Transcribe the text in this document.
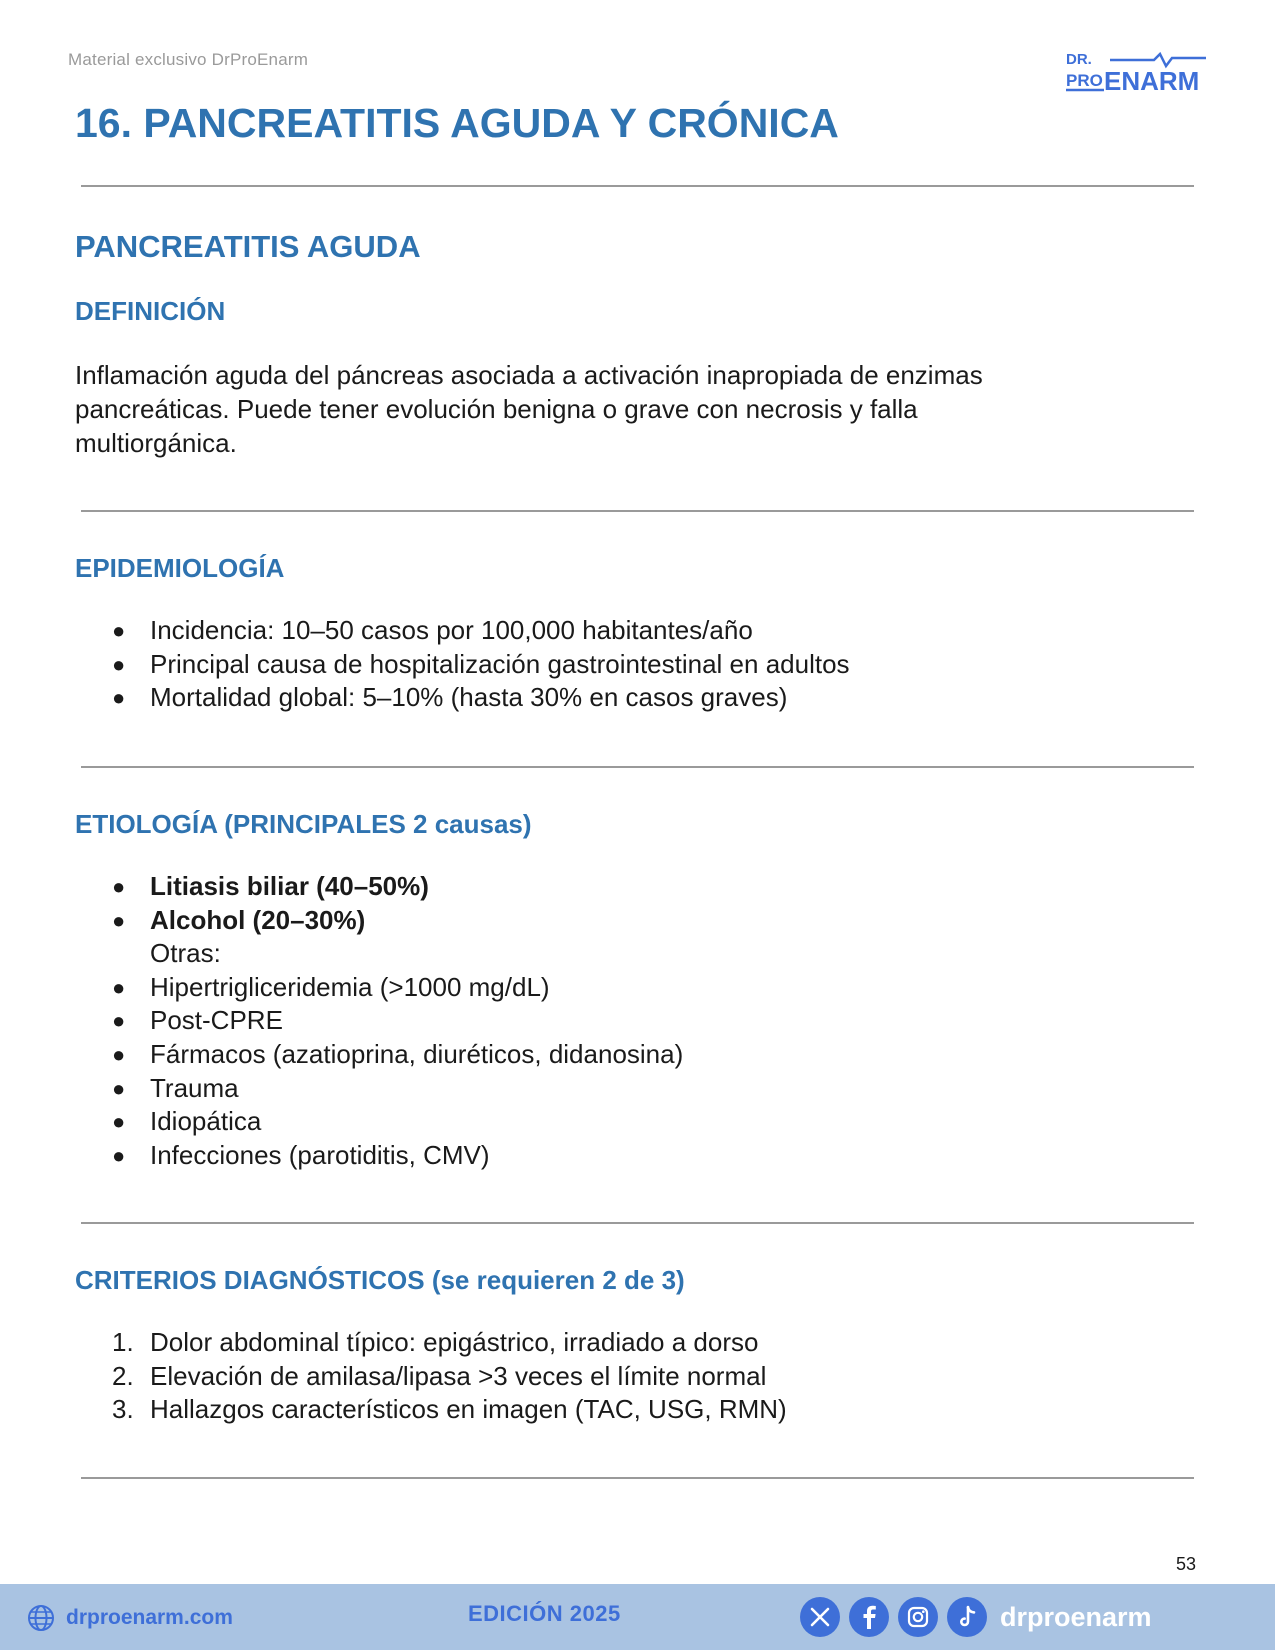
Material exclusivo DrProEnarm	DR.
PRO ENARM
16. PANCREATITIS AGUDA Y CRÓNICA
PANCREATITIS AGUDA
DEFINICIÓN
Inflamación aguda del páncreas asociada a activación inapropiada de enzimas
pancreáticas. Puede tener evolución benigna o grave con necrosis y falla
multiorgánica.
EPIDEMIOLOGÍA
● Incidencia: 10–50 casos por 100,000 habitantes/año
● Principal causa de hospitalización gastrointestinal en adultos
● Mortalidad global: 5–10% (hasta 30% en casos graves)
ETIOLOGÍA (PRINCIPALES 2 causas)
● Litiasis biliar (40–50%)
● Alcohol (20–30%)
Otras:
● Hipertrigliceridemia (>1000 mg/dL)
● Post-CPRE
● Fármacos (azatioprina, diuréticos, didanosina)
● Trauma
● Idiopática
● Infecciones (parotiditis, CMV)
CRITERIOS DIAGNÓSTICOS (se requieren 2 de 3)
1. Dolor abdominal típico: epigástrico, irradiado a dorso
2. Elevación de amilasa/lipasa >3 veces el límite normal
3. Hallazgos característicos en imagen (TAC, USG, RMN)
53
drproenarm.com	EDICIÓN 2025	drproenarm
